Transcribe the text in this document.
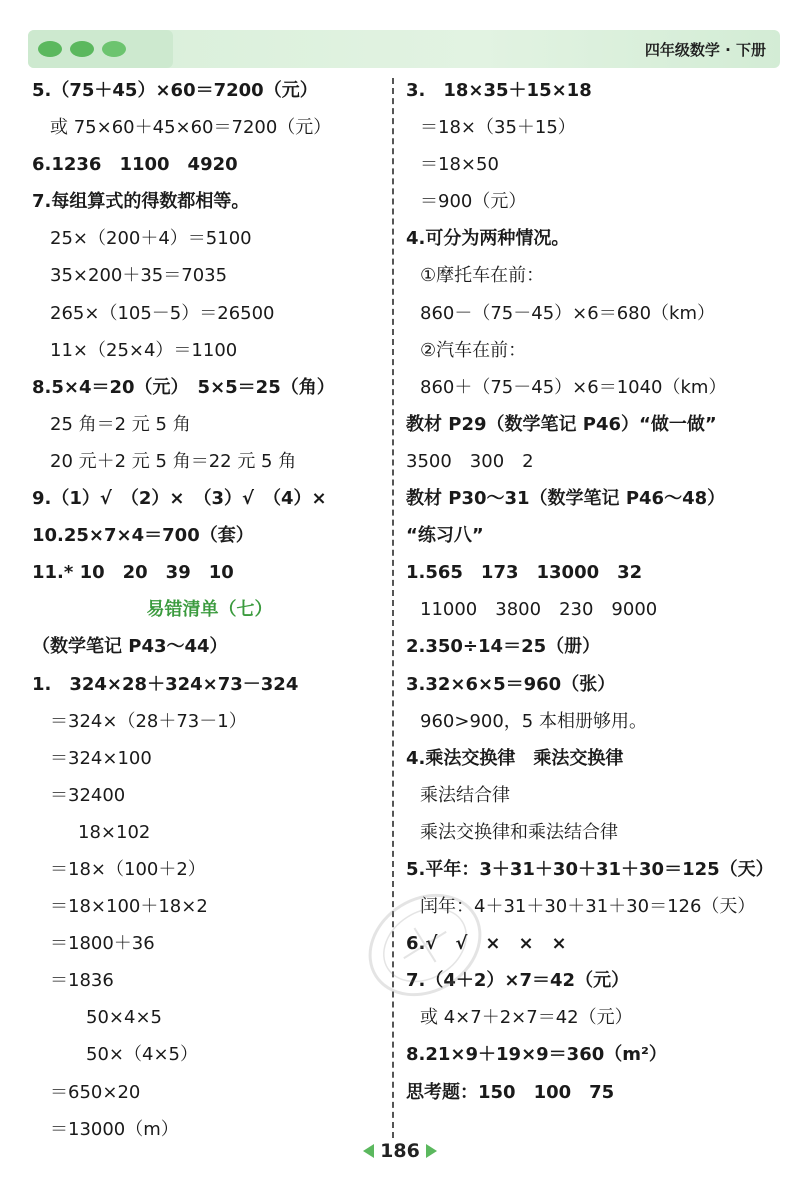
四年级数学 · 下册
5.（75＋45）×60＝7200（元）
或 75×60＋45×60＝7200（元）
6.1236　1100　4920
7.每组算式的得数都相等。
25×（200＋4）＝5100
35×200＋35＝7035
265×（105－5）＝26500
11×（25×4）＝1100
8.5×4＝20（元）　5×5＝25（角）
25 角＝2 元 5 角
20 元＋2 元 5 角＝22 元 5 角
9.（1）√　（2）×　（3）√　（4）×
10.25×7×4＝700（套）
11.* 10　20　39　10
易错清单（七）
（数学笔记 P43～44）
1.　324×28＋324×73－324
＝324×（28＋73－1）
＝324×100
＝32400
18×102
＝18×（100＋2）
＝18×100＋18×2
＝1800＋36
＝1836
50×4×5
50×（4×5）
＝650×20
＝13000（m）
3.　18×35＋15×18
＝18×（35＋15）
＝18×50
＝900（元）
4.可分为两种情况。
①摩托车在前：
860－（75－45）×6＝680（km）
②汽车在前：
860＋（75－45）×6＝1040（km）
教材 P29（数学笔记 P46）“做一做”
3500　300　2
教材 P30～31（数学笔记 P46～48）
“练习八”
1.565　173　13000　32
11000　3800　230　9000
2.350÷14＝25（册）
3.32×6×5＝960（张）
960>900，5 本相册够用。
4.乘法交换律　乘法交换律
乘法结合律
乘法交换律和乘法结合律
5.平年：3＋31＋30＋31＋30＝125（天）
闰年：4＋31＋30＋31＋30＝126（天）
6.√　√　×　×　×
7.（4＋2）×7＝42（元）
或 4×7＋2×7＝42（元）
8.21×9＋19×9＝360（m²）
思考题：150　100　75
186
